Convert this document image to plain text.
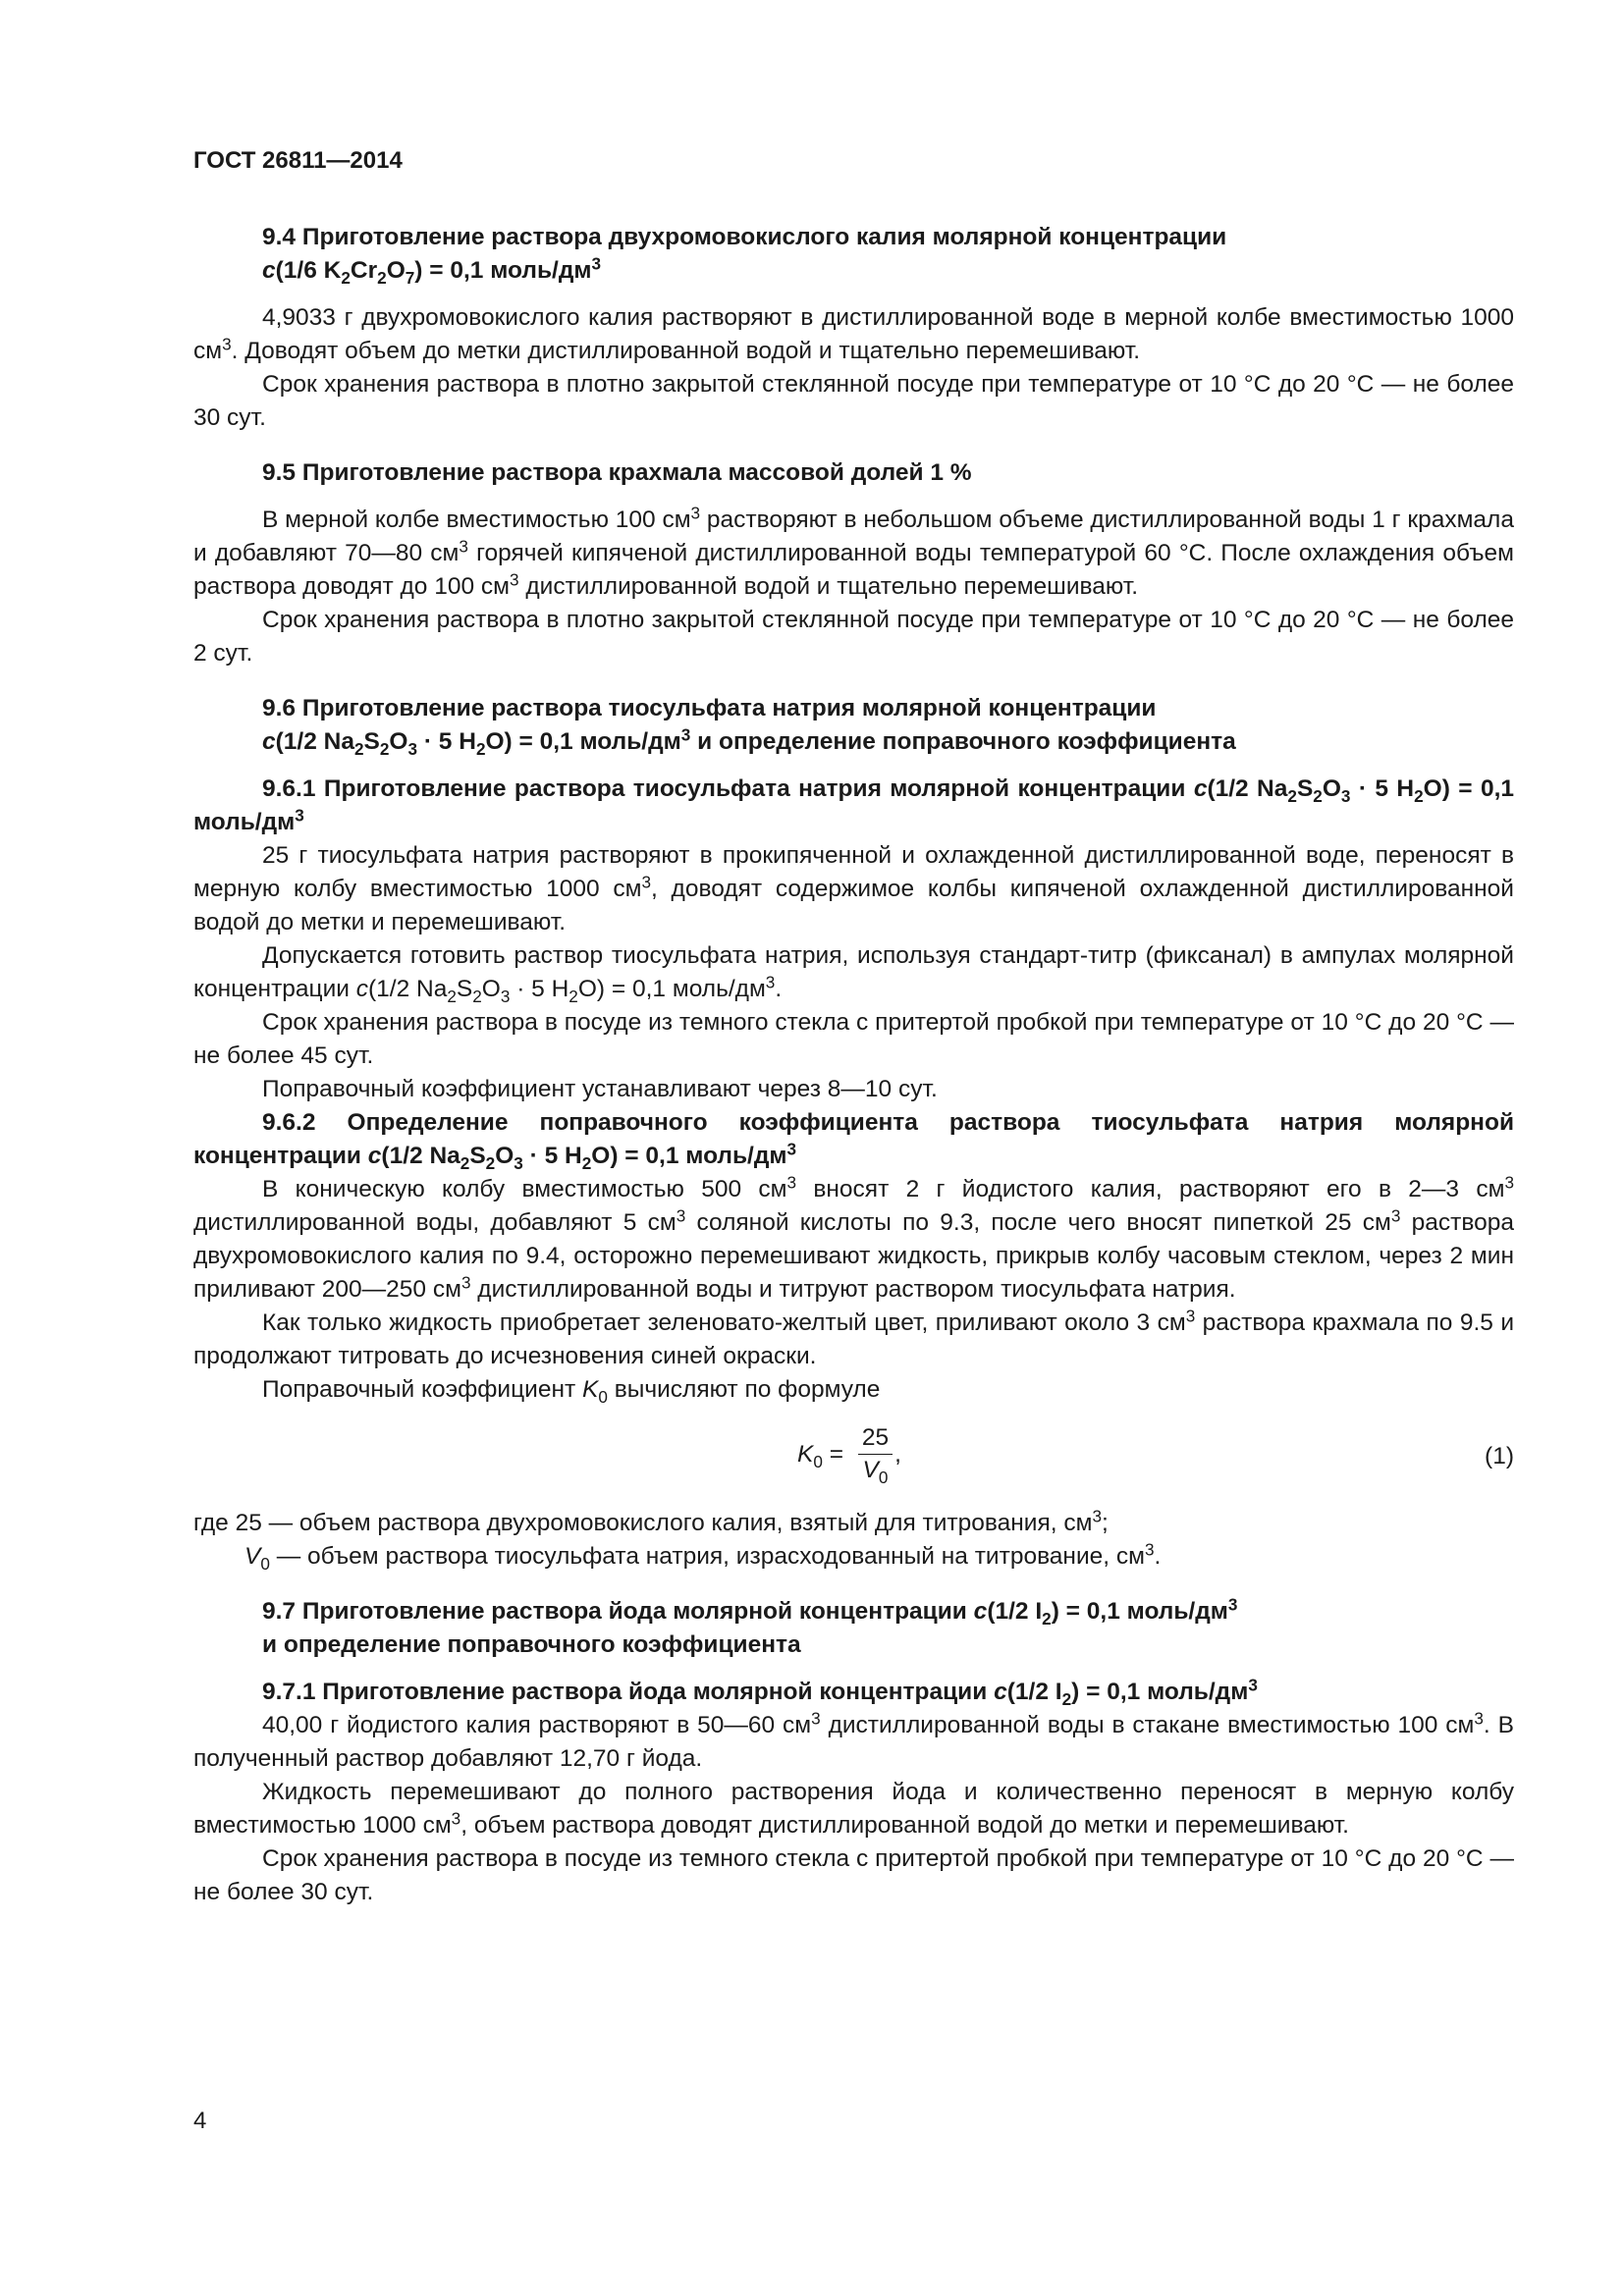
ГОСТ 26811—2014
9.4 Приготовление раствора двухромовокислого калия молярной концентрации
c(1/6 $K_2Cr_2O_7) = 0,1$ моль/$дм^3$

4,9033 г двухромовокислого калия растворяют в дистиллированной воде в мерной колбе вместимостью 1000 $см^3$. Доводят объем до метки дистиллированной водой и тщательно перемешивают.

Срок хранения раствора в плотно закрытой стеклянной посуде при температуре от 10 °С до 20 °С — не более 30 сут.

9.5 Приготовление раствора крахмала массовой долей 1 %

В мерной колбе вместимостью 100 $см^3$ растворяют в небольшом объеме дистиллированной воды 1 г крахмала и добавляют 70—80 $см^3$ горячей кипяченой дистиллированной воды температурой 60 °С. После охлаждения объем раствора доводят до 100 $см^3$ дистиллированной водой и тщательно перемешивают.

Срок хранения раствора в плотно закрытой стеклянной посуде при температуре от 10 °С до 20 °С — не более 2 сут.

9.6 Приготовление раствора тиосульфата натрия молярной концентрации
c(1/2 $Na_2S_2O_3 \cdot 5$ $H_2O) = 0,1$ моль/$дм^3$ и определение поправочного коэффициента

9.6.1 Приготовление раствора тиосульфата натрия молярной концентрации c(1/2 $Na_2S_2O_3 \cdot 5$ $H_2O) = 0,1$ моль/$дм^3$

25 г тиосульфата натрия растворяют в прокипяченной и охлажденной дистиллированной воде, переносят в мерную колбу вместимостью 1000 $см^3$, доводят содержимое колбы кипяченой охлажденной дистиллированной водой до метки и перемешивают.

Допускается готовить раствор тиосульфата натрия, используя стандарт-титр (фиксанал) в ампулах молярной концентрации c(1/2 $Na_2S_2O_3 \cdot 5$ $H_2O) = 0,1$ моль/$дм^3$.

Срок хранения раствора в посуде из темного стекла с притертой пробкой при температуре от 10 °С до 20 °С — не более 45 сут.

Поправочный коэффициент устанавливают через 8—10 сут.

9.6.2 Определение поправочного коэффициента раствора тиосульфата натрия молярной концентрации c(1/2 $Na_2S_2O_3 \cdot 5$ $H_2O) = 0,1$ моль/$дм^3$

В коническую колбу вместимостью 500 $см^3$ вносят 2 г йодистого калия, растворяют его в 2—3 $см^3$ дистиллированной воды, добавляют 5 $см^3$ соляной кислоты по 9.3, после чего вносят пипеткой 25 $см^3$ раствора двухромовокислого калия по 9.4, осторожно перемешивают жидкость, прикрыв колбу часовым стеклом, через 2 мин приливают 200—250 $см^3$ дистиллированной воды и титруют раствором тиосульфата натрия.

Как только жидкость приобретает зеленовато-желтый цвет, приливают около 3 $см^3$ раствора крахмала по 9.5 и продолжают титровать до исчезновения синей окраски.

Поправочный коэффициент $K_0$ вычисляют по формуле

$K_0 = \frac{25}{V_0}$ ,	(1)

где 25 — объем раствора двухромовокислого калия, взятый для титрования, $см^3$;

$V_0$ — объем раствора тиосульфата натрия, израсходованный на титрование, $см^3$.

9.7 Приготовление раствора йода молярной концентрации c(1/2 $I_2) = 0,1$ моль/$дм^3$
и определение поправочного коэффициента
9.7.1 Приготовление раствора йода молярной концентрации c(1/2 $I_2) = 0,1$ моль/$дм^3$

40,00 г йодистого калия растворяют в 50—60 $см^3$ дистиллированной воды в стакане вместимостью 100 $см^3$. В полученный раствор добавляют 12,70 г йода.

Жидкость перемешивают до полного растворения йода и количественно переносят в мерную колбу вместимостью 1000 $см^3$, объем раствора доводят дистиллированной водой до метки и перемешивают.

Срок хранения раствора в посуде из темного стекла с притертой пробкой при температуре от 10 °С до 20 °С — не более 30 сут.

4
